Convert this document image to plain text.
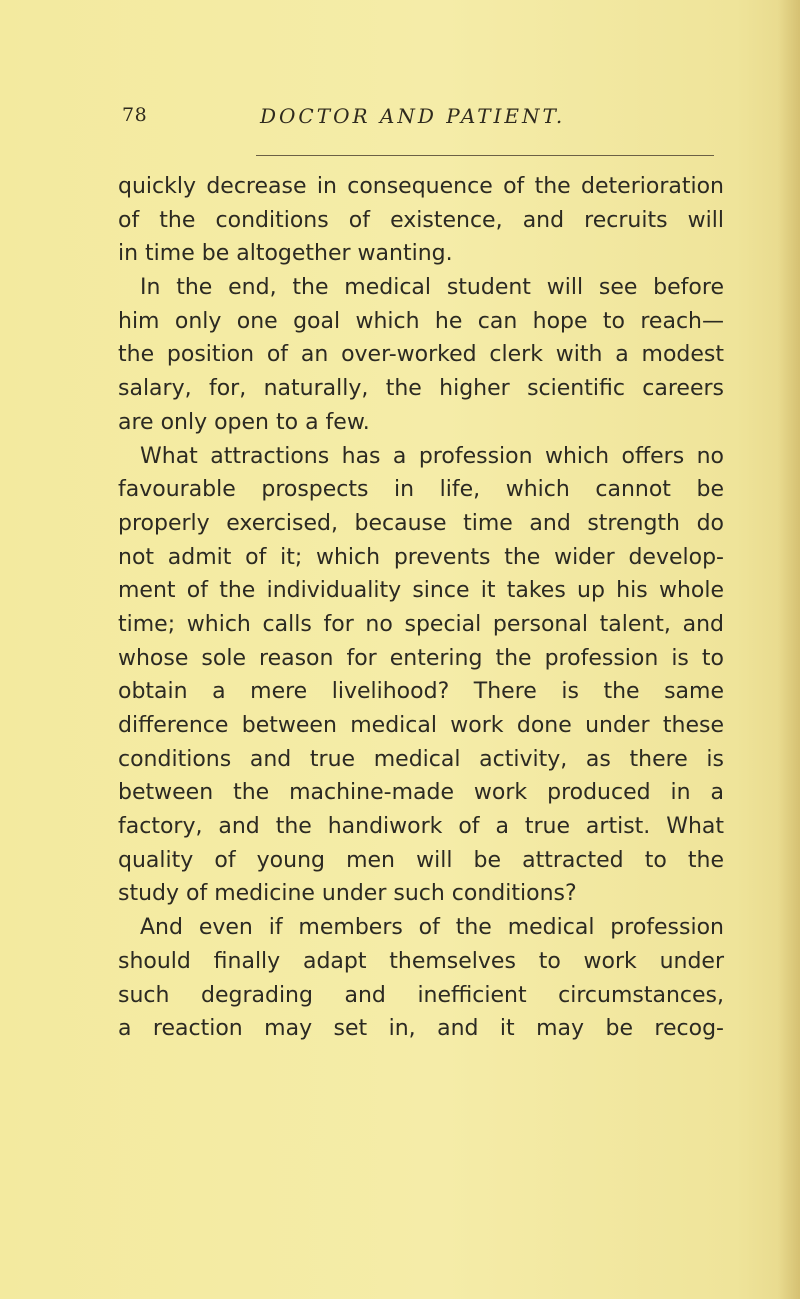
78	DOCTOR AND PATIENT.
quickly decrease in consequence of the deterioration
of the conditions of existence, and recruits will
in time be altogether wanting.
In the end, the medical student will see before
him only one goal which he can hope to reach—
the position of an over-worked clerk with a modest
salary, for, naturally, the higher scientific careers
are only open to a few.
What attractions has a profession which offers no
favourable prospects in life, which cannot be
properly exercised, because time and strength do
not admit of it; which prevents the wider develop-
ment of the individuality since it takes up his whole
time; which calls for no special personal talent, and
whose sole reason for entering the profession is to
obtain a mere livelihood? There is the same
difference between medical work done under these
conditions and true medical activity, as there is
between the machine-made work produced in a
factory, and the handiwork of a true artist. What
quality of young men will be attracted to the
study of medicine under such conditions?
And even if members of the medical profession
should finally adapt themselves to work under
such degrading and inefficient circumstances,
a reaction may set in, and it may be recog-
